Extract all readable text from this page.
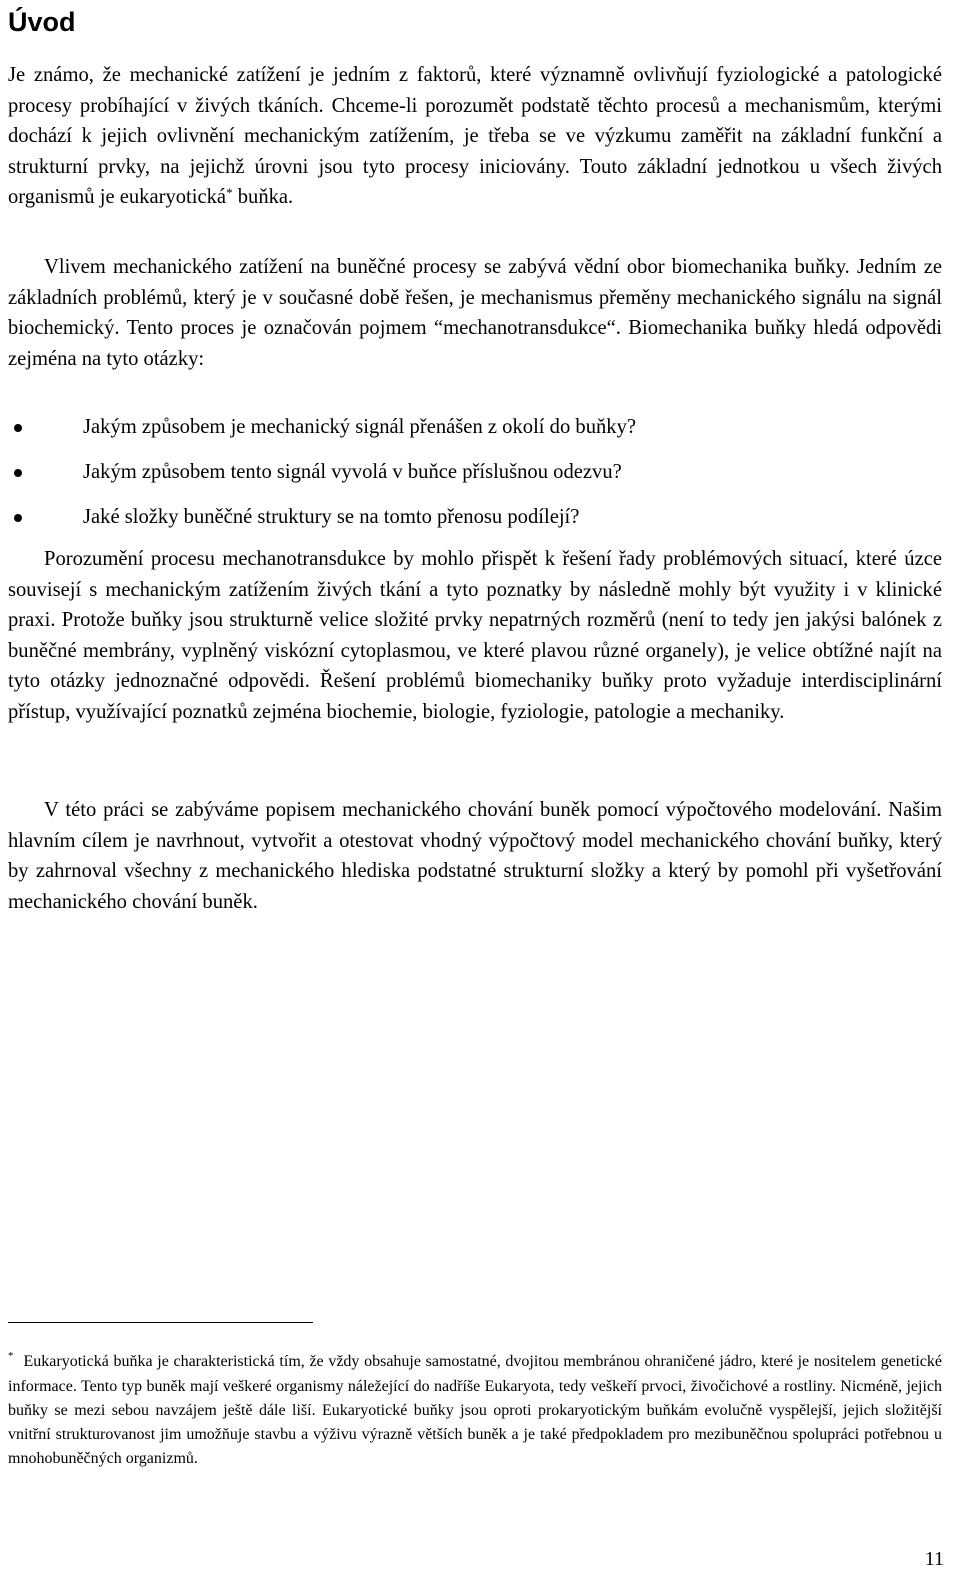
Úvod

Je známo, že mechanické zatížení je jedním z faktorů, které významně ovlivňují fyziologické a patologické procesy probíhající v živých tkáních. Chceme-li porozumět podstatě těchto procesů a mechanismům, kterými dochází k jejich ovlivnění mechanickým zatížením, je třeba se ve výzkumu zaměřit na základní funkční a strukturní prvky, na jejichž úrovni jsou tyto procesy iniciovány. Touto základní jednotkou u všech živých organismů je eukaryotická* buňka.

Vlivem mechanického zatížení na buněčné procesy se zabývá vědní obor biomechanika buňky. Jedním ze základních problémů, který je v současné době řešen, je mechanismus přeměny mechanického signálu na signál biochemický. Tento proces je označován pojmem “mechanotransdukce“. Biomechanika buňky hledá odpovědi zejména na tyto otázky:

Jakým způsobem je mechanický signál přenášen z okolí do buňky?
Jakým způsobem tento signál vyvolá v buňce příslušnou odezvu?
Jaké složky buněčné struktury se na tomto přenosu podílejí?

Porozumění procesu mechanotransdukce by mohlo přispět k řešení řady problémových situací, které úzce souvisejí s mechanickým zatížením živých tkání a tyto poznatky by následně mohly být využity i v klinické praxi. Protože buňky jsou strukturně velice složité prvky nepatrných rozměrů (není to tedy jen jakýsi balónek z buněčné membrány, vyplněný viskózní cytoplasmou, ve které plavou různé organely), je velice obtížné najít na tyto otázky jednoznačné odpovědi. Řešení problémů biomechaniky buňky proto vyžaduje interdisciplinární přístup, využívající poznatků zejména biochemie, biologie, fyziologie, patologie a mechaniky.

V této práci se zabýváme popisem mechanického chování buněk pomocí výpočtového modelování. Našim hlavním cílem je navrhnout, vytvořit a otestovat vhodný výpočtový model mechanického chování buňky, který by zahrnoval všechny z mechanického hlediska podstatné strukturní složky a který by pomohl při vyšetřování mechanického chování buněk.

* Eukaryotická buňka je charakteristická tím, že vždy obsahuje samostatné, dvojitou membránou ohraničené jádro, které je nositelem genetické informace. Tento typ buněk mají veškeré organismy náležející do nadříše Eukaryota, tedy veškeří prvoci, živočichové a rostliny. Nicméně, jejich buňky se mezi sebou navzájem ještě dále liší. Eukaryotické buňky jsou oproti prokaryotickým buňkám evolučně vyspělejší, jejich složitější vnitřní strukturovanost jim umožňuje stavbu a výživu výrazně větších buněk a je také předpokladem pro mezibuněčnou spolupráci potřebnou u mnohobuněčných organizmů.

11
